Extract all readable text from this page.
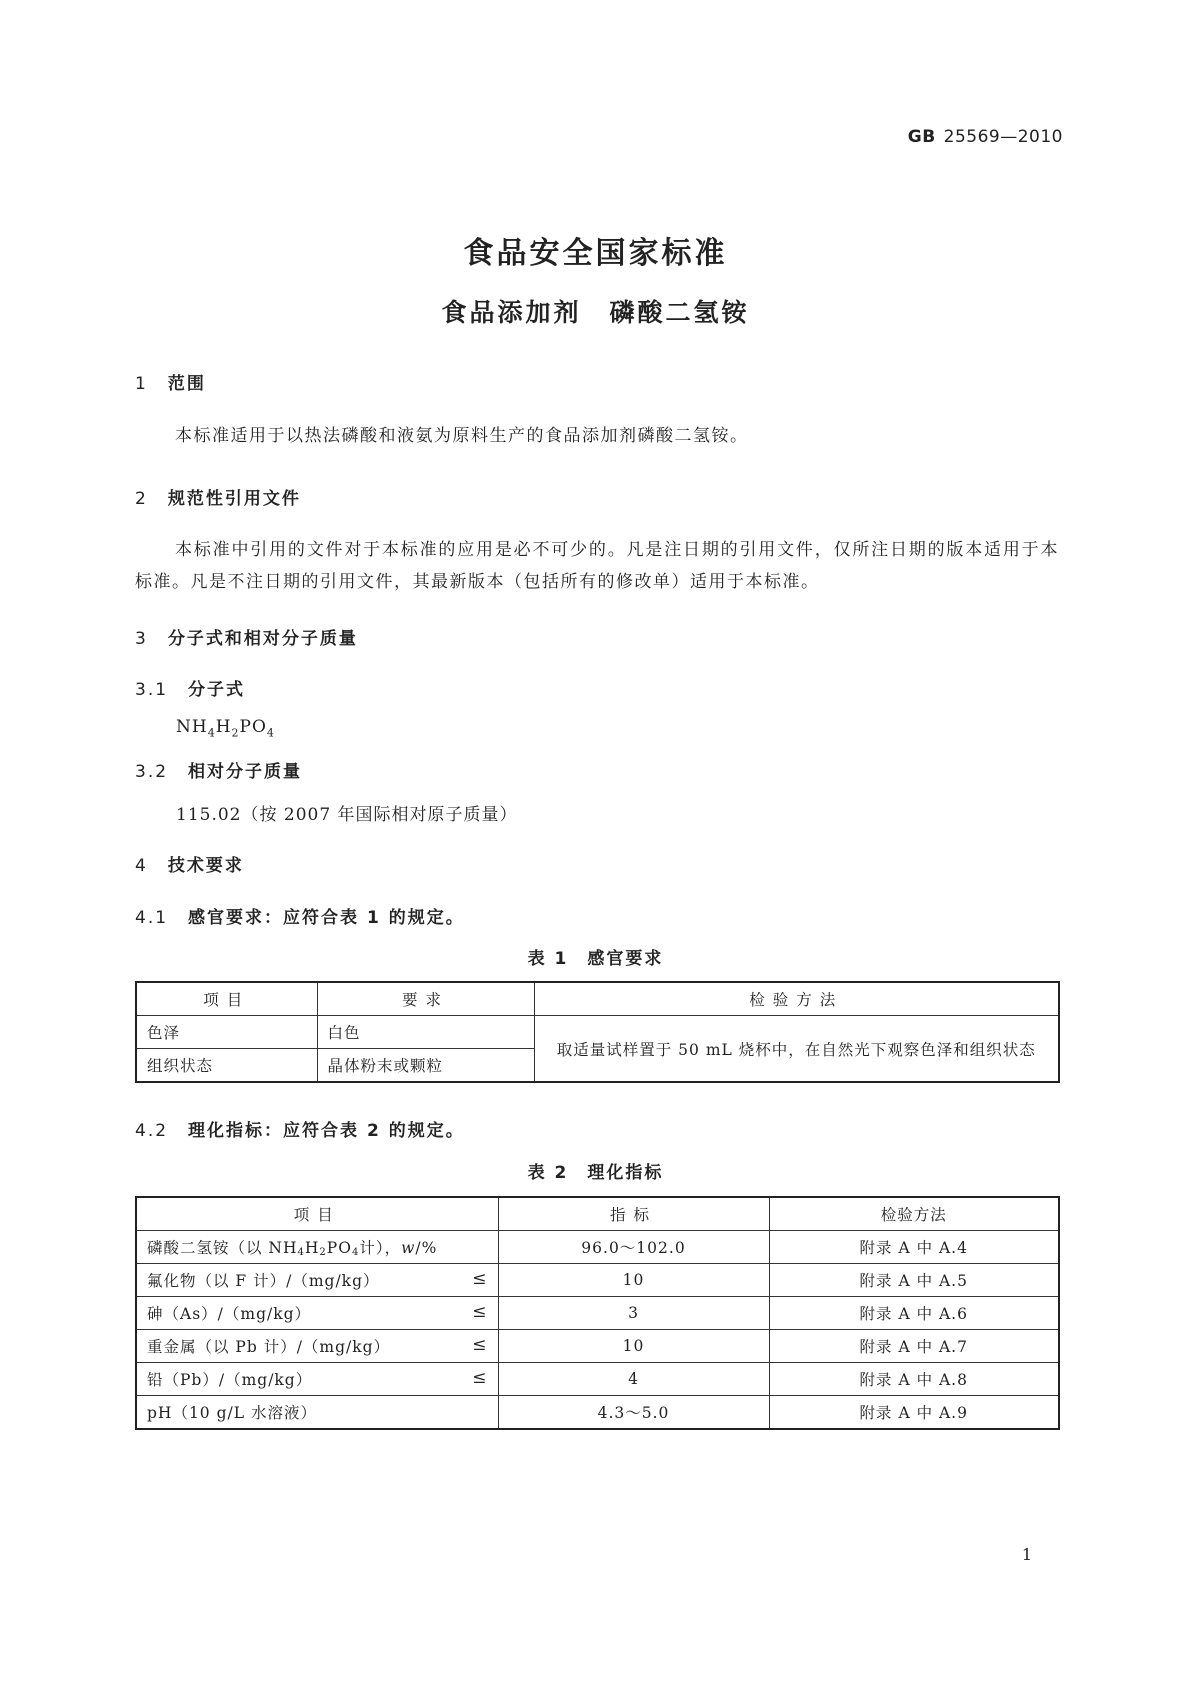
GB 25569—2010
食品安全国家标准
食品添加剂　磷酸二氢铵
1 范围
本标准适用于以热法磷酸和液氨为原料生产的食品添加剂磷酸二氢铵。
2 规范性引用文件
本标准中引用的文件对于本标准的应用是必不可少的。凡是注日期的引用文件，仅所注日期的版本适用于本标准。凡是不注日期的引用文件，其最新版本（包括所有的修改单）适用于本标准。
3 分子式和相对分子质量
3.1 分子式
$NH_4H_2PO_4$
3.2 相对分子质量
115.02（按 2007 年国际相对原子质量）
4 技术要求
4.1 感官要求：应符合表 1 的规定。
表 1　感官要求
项目	要求	检验方法
色泽	白色	取适量试样置于 50 mL 烧杯中，在自然光下观察色泽和组织状态
组织状态	晶体粉末或颗粒	
4.2 理化指标：应符合表 2 的规定。
表 2　理化指标
项目	指标	检验方法
磷酸二氢铵（以 $NH_4H_2PO_4$计），w/%	96.0～102.0	附录 A 中 A.4
氟化物（以 F 计）/（mg/kg） ≤	10	附录 A 中 A.5
砷（As）/（mg/kg） ≤	3	附录 A 中 A.6
重金属（以 Pb 计）/（mg/kg） ≤	10	附录 A 中 A.7
铅（Pb）/（mg/kg） ≤	4	附录 A 中 A.8
pH（10 g/L 水溶液）	4.3～5.0	附录 A 中 A.9
1
